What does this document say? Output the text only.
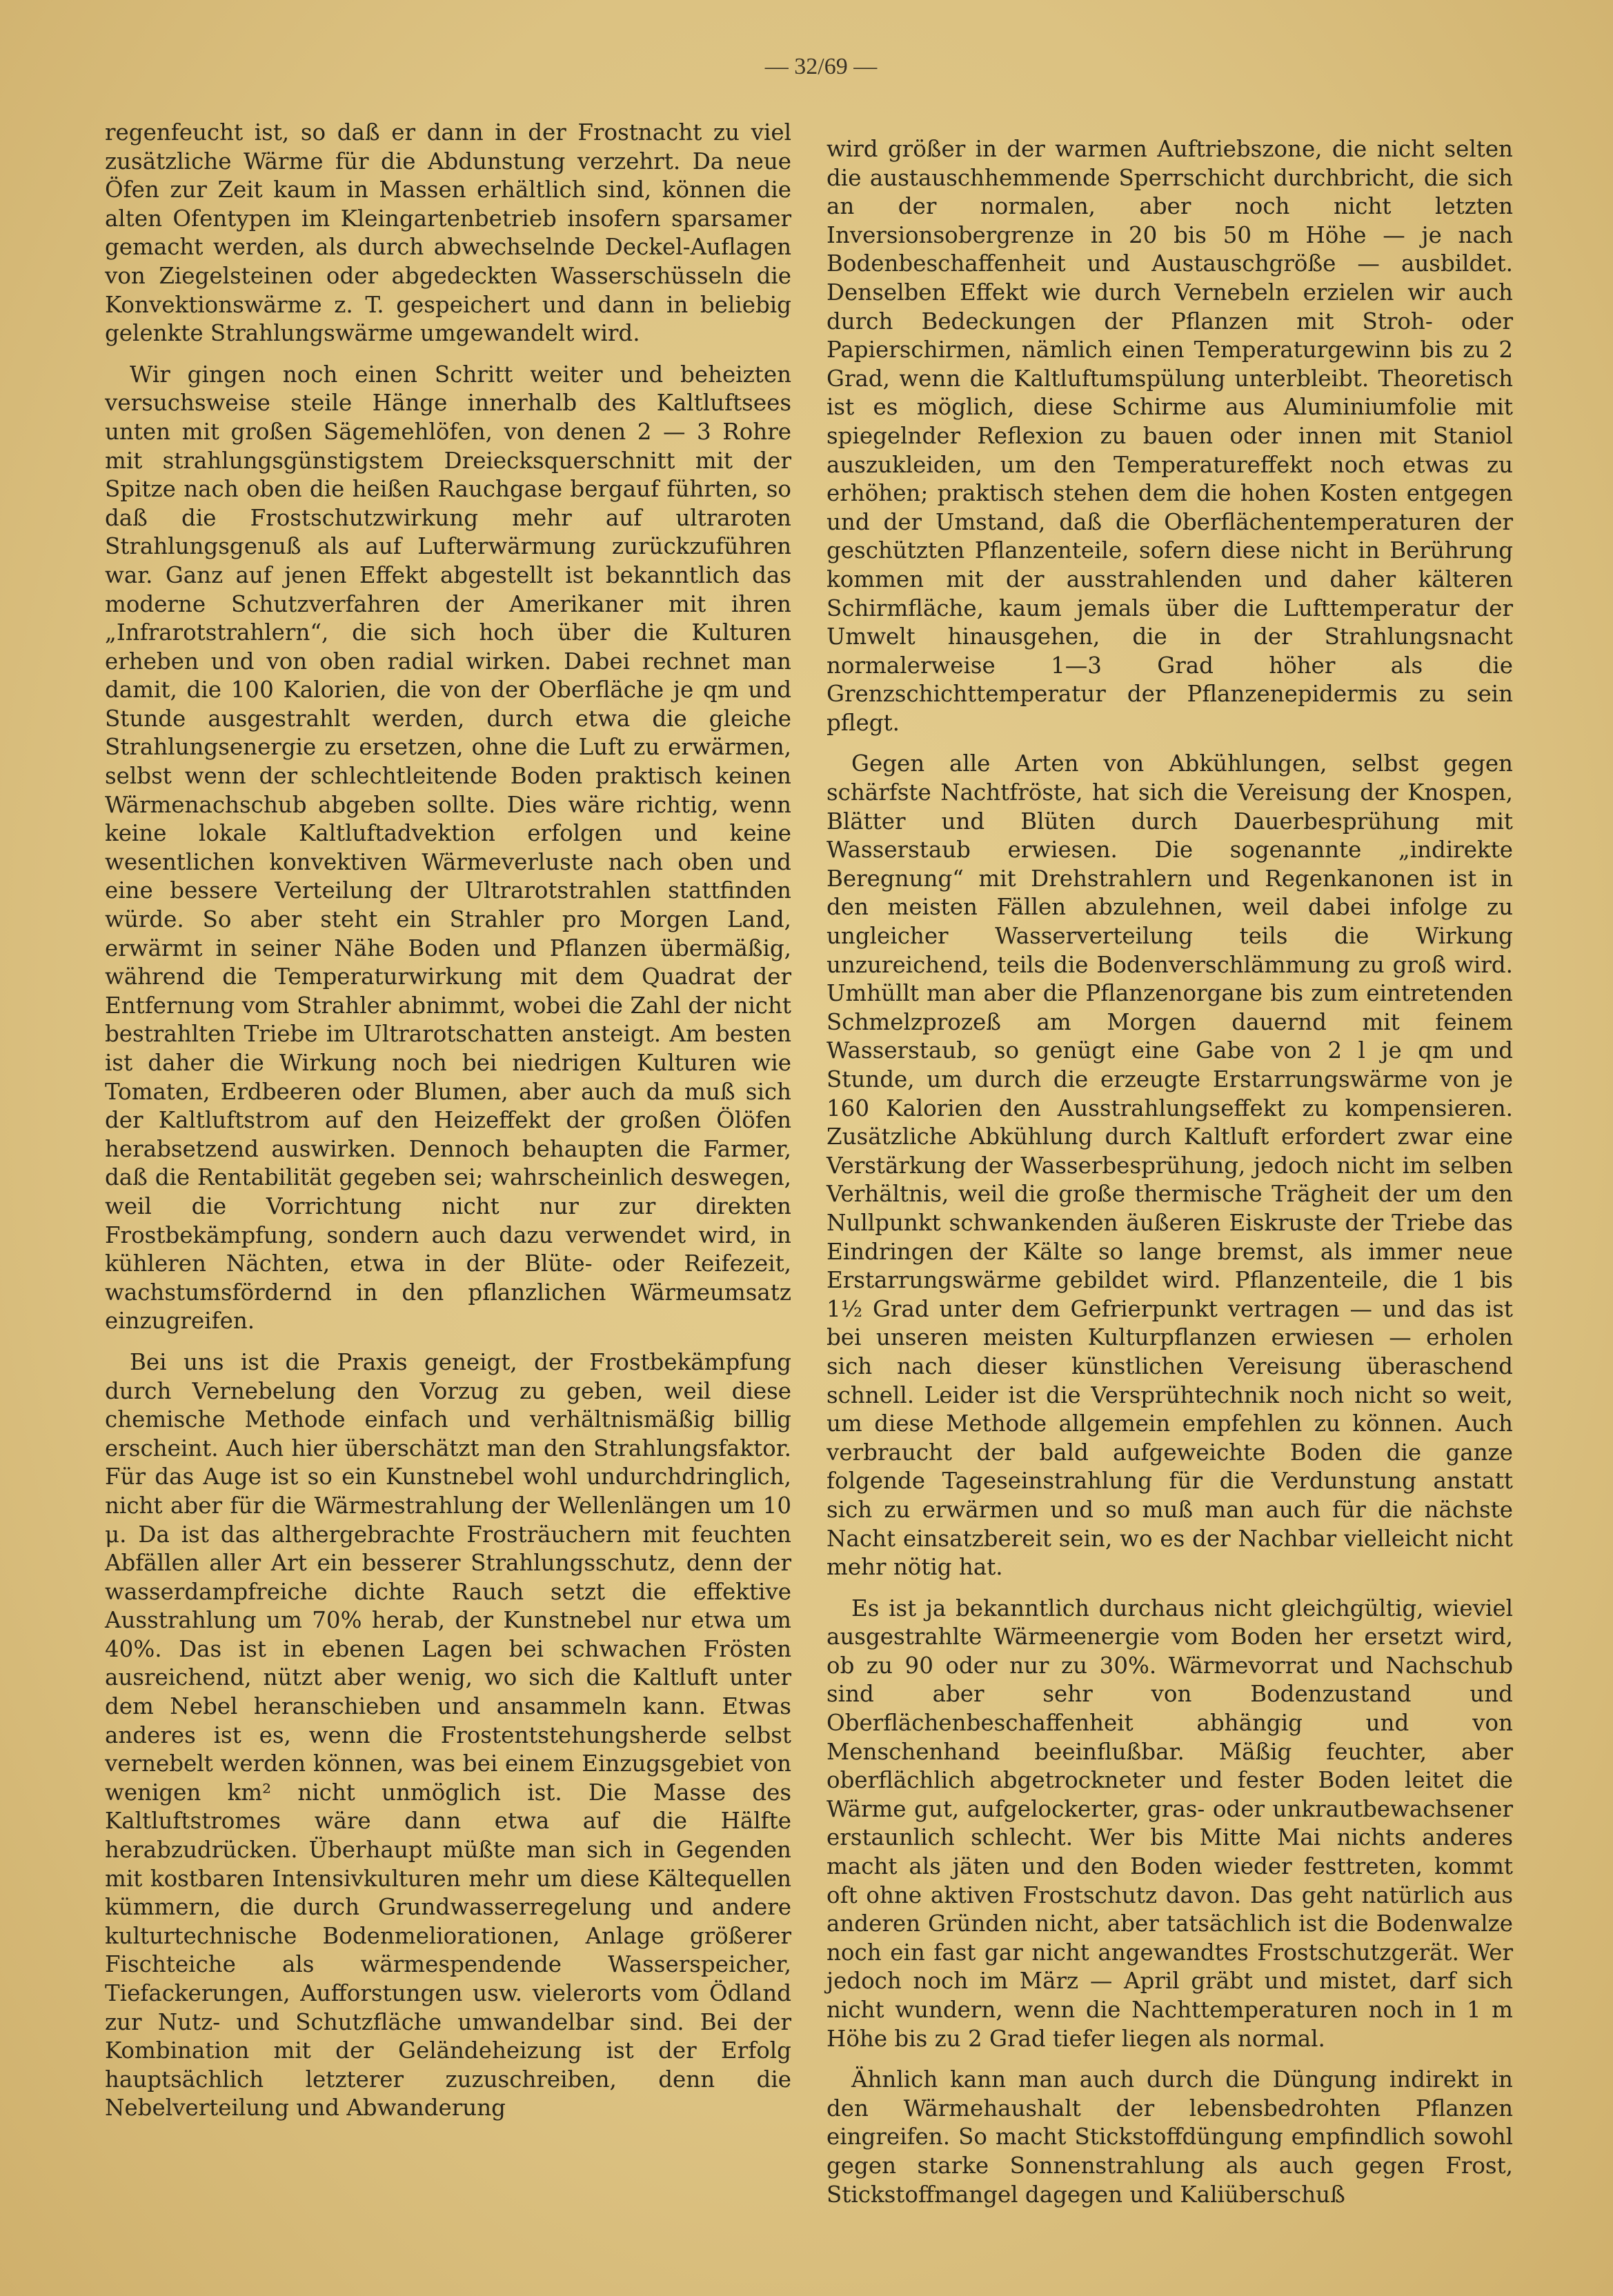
— 32/69 —

regenfeucht ist, so daß er dann in der Frostnacht zu viel zusätzliche Wärme für die Abdunstung verzehrt. Da neue Öfen zur Zeit kaum in Massen erhältlich sind, können die alten Ofentypen im Kleingartenbetrieb insofern sparsamer gemacht werden, als durch abwechselnde Deckel-Auflagen von Ziegelsteinen oder abgedeckten Wasserschüsseln die Konvektionswärme z. T. gespeichert und dann in beliebig gelenkte Strahlungswärme umgewandelt wird.

Wir gingen noch einen Schritt weiter und beheizten versuchsweise steile Hänge innerhalb des Kaltluftsees unten mit großen Sägemehlöfen, von denen 2 — 3 Rohre mit strahlungsgünstigstem Dreiecksquerschnitt mit der Spitze nach oben die heißen Rauchgase bergauf führten, so daß die Frostschutzwirkung mehr auf ultraroten Strahlungsgenuß als auf Lufterwärmung zurückzuführen war. Ganz auf jenen Effekt abgestellt ist bekanntlich das moderne Schutzverfahren der Amerikaner mit ihren „Infrarotstrahlern“, die sich hoch über die Kulturen erheben und von oben radial wirken. Dabei rechnet man damit, die 100 Kalorien, die von der Oberfläche je qm und Stunde ausgestrahlt werden, durch etwa die gleiche Strahlungsenergie zu ersetzen, ohne die Luft zu erwärmen, selbst wenn der schlechtleitende Boden praktisch keinen Wärmenachschub abgeben sollte. Dies wäre richtig, wenn keine lokale Kaltluftadvektion erfolgen und keine wesentlichen konvektiven Wärmeverluste nach oben und eine bessere Verteilung der Ultrarotstrahlen stattfinden würde. So aber steht ein Strahler pro Morgen Land, erwärmt in seiner Nähe Boden und Pflanzen übermäßig, während die Temperaturwirkung mit dem Quadrat der Entfernung vom Strahler abnimmt, wobei die Zahl der nicht bestrahlten Triebe im Ultrarotschatten ansteigt. Am besten ist daher die Wirkung noch bei niedrigen Kulturen wie Tomaten, Erdbeeren oder Blumen, aber auch da muß sich der Kaltluftstrom auf den Heizeffekt der großen Ölöfen herabsetzend auswirken. Dennoch behaupten die Farmer, daß die Rentabilität gegeben sei; wahrscheinlich deswegen, weil die Vorrichtung nicht nur zur direkten Frostbekämpfung, sondern auch dazu verwendet wird, in kühleren Nächten, etwa in der Blüte- oder Reifezeit, wachstumsfördernd in den pflanzlichen Wärmeumsatz einzugreifen.

Bei uns ist die Praxis geneigt, der Frostbekämpfung durch Vernebelung den Vorzug zu geben, weil diese chemische Methode einfach und verhältnismäßig billig erscheint. Auch hier überschätzt man den Strahlungsfaktor. Für das Auge ist so ein Kunstnebel wohl undurchdringlich, nicht aber für die Wärmestrahlung der Wellenlängen um 10 μ. Da ist das althergebrachte Frosträuchern mit feuchten Abfällen aller Art ein besserer Strahlungsschutz, denn der wasserdampfreiche dichte Rauch setzt die effektive Ausstrahlung um 70% herab, der Kunstnebel nur etwa um 40%. Das ist in ebenen Lagen bei schwachen Frösten ausreichend, nützt aber wenig, wo sich die Kaltluft unter dem Nebel heranschieben und ansammeln kann. Etwas anderes ist es, wenn die Frostentstehungsherde selbst vernebelt werden können, was bei einem Einzugsgebiet von wenigen km² nicht unmöglich ist. Die Masse des Kaltluftstromes wäre dann etwa auf die Hälfte herabzudrücken. Überhaupt müßte man sich in Gegenden mit kostbaren Intensivkulturen mehr um diese Kältequellen kümmern, die durch Grundwasserregelung und andere kulturtechnische Bodenmeliorationen, Anlage größerer Fischteiche als wärmespendende Wasserspeicher, Tiefackerungen, Aufforstungen usw. vielerorts vom Ödland zur Nutz- und Schutzfläche umwandelbar sind. Bei der Kombination mit der Geländeheizung ist der Erfolg hauptsächlich letzterer zuzuschreiben, denn die Nebelverteilung und Abwanderung

wird größer in der warmen Auftriebszone, die nicht selten die austauschhemmende Sperrschicht durchbricht, die sich an der normalen, aber noch nicht letzten Inversionsobergrenze in 20 bis 50 m Höhe — je nach Bodenbeschaffenheit und Austauschgröße — ausbildet. Denselben Effekt wie durch Vernebeln erzielen wir auch durch Bedeckungen der Pflanzen mit Stroh- oder Papierschirmen, nämlich einen Temperaturgewinn bis zu 2 Grad, wenn die Kaltluftumspülung unterbleibt. Theoretisch ist es möglich, diese Schirme aus Aluminiumfolie mit spiegelnder Reflexion zu bauen oder innen mit Staniol auszukleiden, um den Temperatureffekt noch etwas zu erhöhen; praktisch stehen dem die hohen Kosten entgegen und der Umstand, daß die Oberflächentemperaturen der geschützten Pflanzenteile, sofern diese nicht in Berührung kommen mit der ausstrahlenden und daher kälteren Schirmfläche, kaum jemals über die Lufttemperatur der Umwelt hinausgehen, die in der Strahlungsnacht normalerweise 1—3 Grad höher als die Grenzschichttemperatur der Pflanzenepidermis zu sein pflegt.

Gegen alle Arten von Abkühlungen, selbst gegen schärfste Nachtfröste, hat sich die Vereisung der Knospen, Blätter und Blüten durch Dauerbesprühung mit Wasserstaub erwiesen. Die sogenannte „indirekte Beregnung“ mit Drehstrahlern und Regenkanonen ist in den meisten Fällen abzulehnen, weil dabei infolge zu ungleicher Wasserverteilung teils die Wirkung unzureichend, teils die Bodenverschlämmung zu groß wird. Umhüllt man aber die Pflanzenorgane bis zum eintretenden Schmelzprozeß am Morgen dauernd mit feinem Wasserstaub, so genügt eine Gabe von 2 l je qm und Stunde, um durch die erzeugte Erstarrungswärme von je 160 Kalorien den Ausstrahlungseffekt zu kompensieren. Zusätzliche Abkühlung durch Kaltluft erfordert zwar eine Verstärkung der Wasserbesprühung, jedoch nicht im selben Verhältnis, weil die große thermische Trägheit der um den Nullpunkt schwankenden äußeren Eiskruste der Triebe das Eindringen der Kälte so lange bremst, als immer neue Erstarrungswärme gebildet wird. Pflanzenteile, die 1 bis 1½ Grad unter dem Gefrierpunkt vertragen — und das ist bei unseren meisten Kulturpflanzen erwiesen — erholen sich nach dieser künstlichen Vereisung überaschend schnell. Leider ist die Versprühtechnik noch nicht so weit, um diese Methode allgemein empfehlen zu können. Auch verbraucht der bald aufgeweichte Boden die ganze folgende Tageseinstrahlung für die Verdunstung anstatt sich zu erwärmen und so muß man auch für die nächste Nacht einsatzbereit sein, wo es der Nachbar vielleicht nicht mehr nötig hat.

Es ist ja bekanntlich durchaus nicht gleichgültig, wieviel ausgestrahlte Wärmeenergie vom Boden her ersetzt wird, ob zu 90 oder nur zu 30%. Wärmevorrat und Nachschub sind aber sehr von Bodenzustand und Oberflächenbeschaffenheit abhängig und von Menschenhand beeinflußbar. Mäßig feuchter, aber oberflächlich abgetrockneter und fester Boden leitet die Wärme gut, aufgelockerter, gras- oder unkrautbewachsener erstaunlich schlecht. Wer bis Mitte Mai nichts anderes macht als jäten und den Boden wieder festtreten, kommt oft ohne aktiven Frostschutz davon. Das geht natürlich aus anderen Gründen nicht, aber tatsächlich ist die Bodenwalze noch ein fast gar nicht angewandtes Frostschutzgerät. Wer jedoch noch im März — April gräbt und mistet, darf sich nicht wundern, wenn die Nachttemperaturen noch in 1 m Höhe bis zu 2 Grad tiefer liegen als normal.

Ähnlich kann man auch durch die Düngung indirekt in den Wärmehaushalt der lebensbedrohten Pflanzen eingreifen. So macht Stickstoffdüngung empfindlich sowohl gegen starke Sonnenstrahlung als auch gegen Frost, Stickstoffmangel dagegen und Kaliüberschuß
